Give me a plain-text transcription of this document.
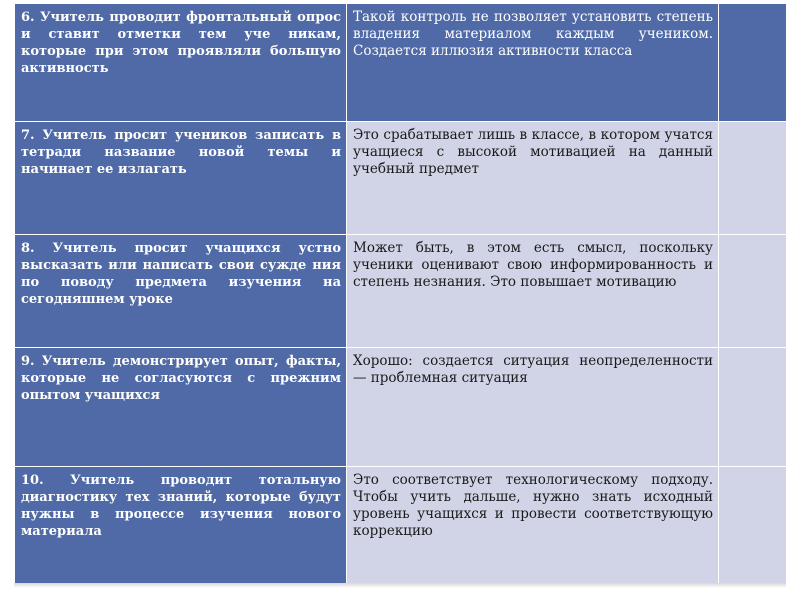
6. Учитель проводит фронтальный опрос и ставит отметки тем уче никам, которые при этом проявляли большую активность	Такой контроль не позволяет установить степень владения материалом каждым учеником. Создается иллюзия активности класса	
7. Учитель просит учеников записать в тетради название новой темы и начинает ее излагать	Это срабатывает лишь в классе, в котором учатся учащиеся с высокой мотивацией на данный учебный предмет	
8. Учитель просит учащихся устно высказать или написать свои сужде ния по поводу предмета изучения на сегодняшнем уроке	Может быть, в этом есть смысл, поскольку ученики оценивают свою информированность и степень незнания. Это повышает мотивацию	
9. Учитель демонстрирует опыт, факты, которые не согласуются с прежним опытом учащихся	Хорошо: создается ситуация неопределенности — проблемная ситуация	
10. Учитель проводит тотальную диагностику тех знаний, которые будут нужны в процессе изучения нового материала	Это соответствует технологическому подходу. Чтобы учить дальше, нужно знать исходный уровень учащихся и провести соответствующую коррекцию	
